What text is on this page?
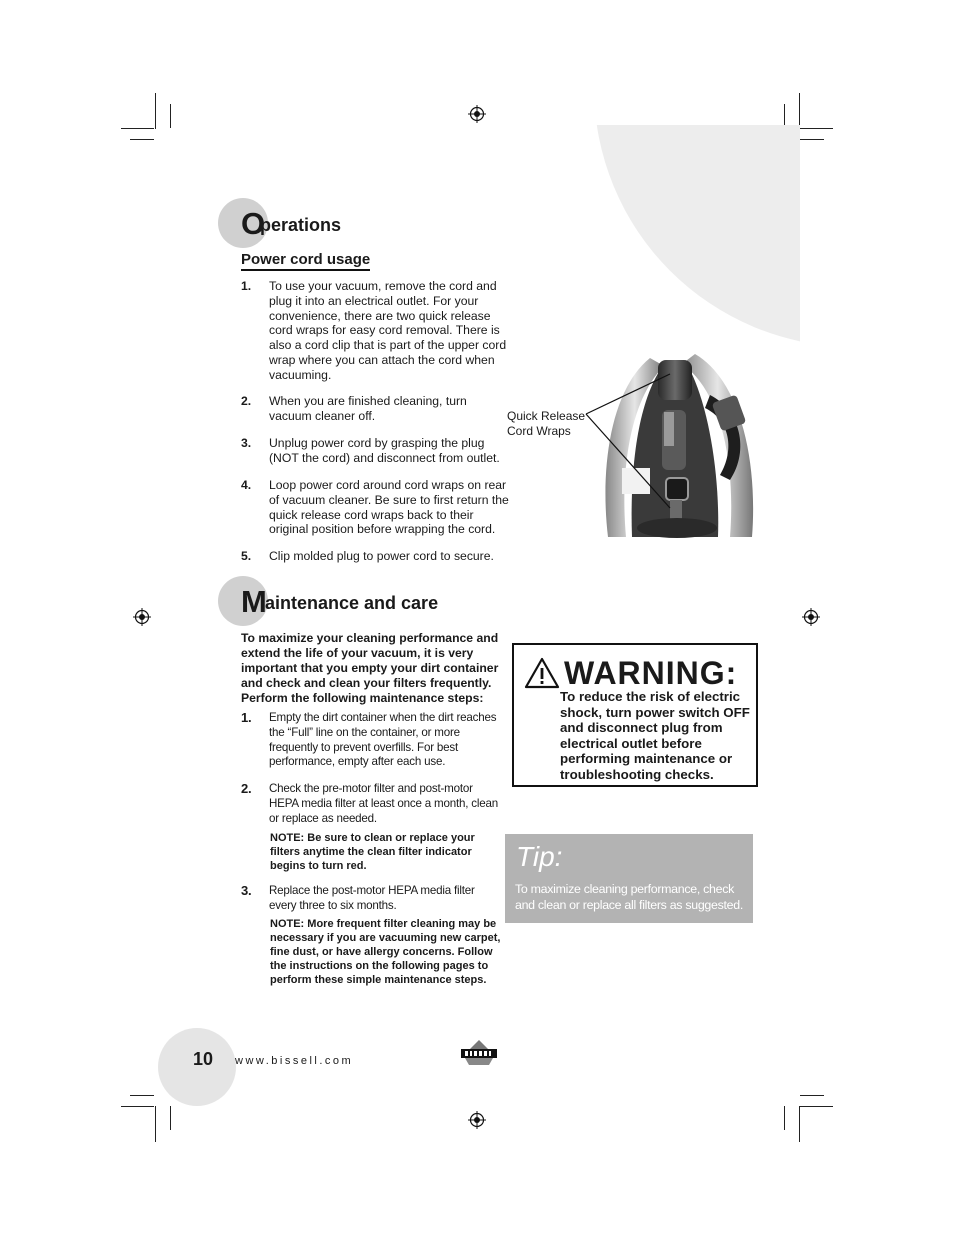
O
perations
Power cord usage
1. To use your vacuum, remove the cord and plug it into an electrical outlet. For your convenience, there are two quick release cord wraps for easy cord removal. There is also a cord clip that is part of the upper cord wrap where you can attach the cord when vacuuming.
2. When you are finished cleaning, turn vacuum cleaner off.
3. Unplug power cord by grasping the plug (NOT the cord) and disconnect from outlet.
4. Loop power cord around cord wraps on rear of vacuum cleaner. Be sure to first return the quick release cord wraps back to their original position before wrapping the cord.
5. Clip molded plug to power cord to secure.
Quick Release
Cord Wraps
M aintenance and care
To maximize your cleaning performance and extend the life of your vacuum, it is very important that you empty your dirt container and check and clean your filters frequently. Perform the following maintenance steps:
1. Empty the dirt container when the dirt reaches the “Full” line on the container, or more frequently to prevent overfills. For best performance, empty after each use.
2. Check the pre-motor filter and post-motor HEPA media filter at least once a month, clean or replace as needed.
NOTE: Be sure to clean or replace your filters anytime the clean filter indicator begins to turn red.
3. Replace the post-motor HEPA media filter every three to six months.
NOTE: More frequent filter cleaning may be necessary if you are vacuuming new carpet, fine dust, or have allergy concerns. Follow the instructions on the following pages to perform these simple maintenance steps.
WARNING:
To reduce the risk of electric shock, turn power switch OFF and disconnect plug from electrical outlet before performing maintenance or troubleshooting checks.
Tip:
To maximize cleaning performance, check and clean or replace all filters as suggested.
10 www.bissell.com
